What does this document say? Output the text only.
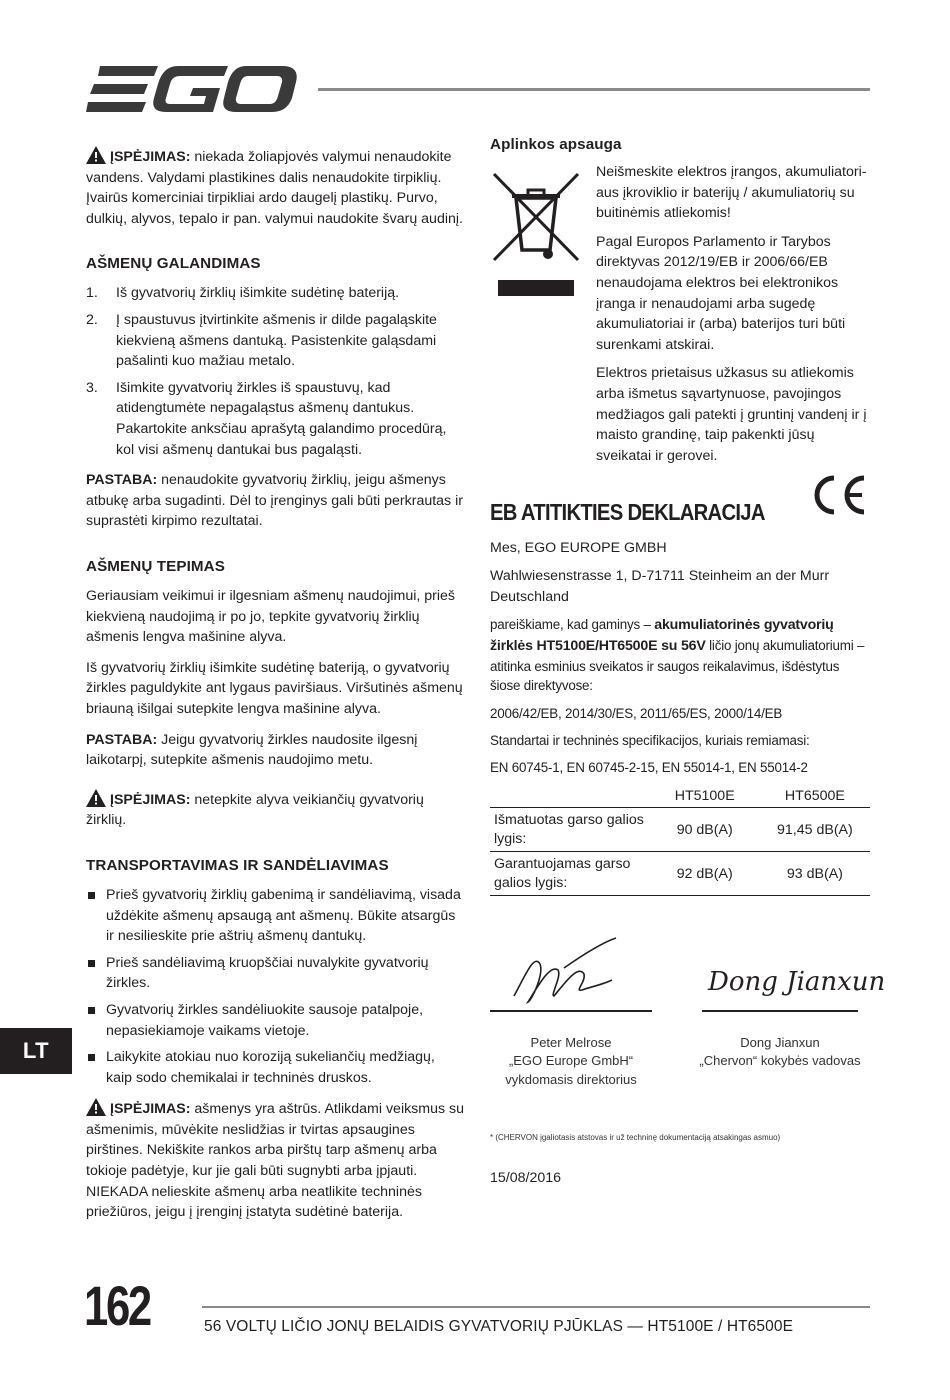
ĮSPĖJIMAS: niekada žoliapjovės valymui nenaudokite vandens. Valydami plastikines dalis nenaudokite tirpiklių. Įvairūs komerciniai tirpikliai ardo daugelį plastikų. Purvo, dulkių, alyvos, tepalo ir pan. valymui naudokite švarų audinį.

AŠMENŲ GALANDIMAS
1. Iš gyvatvorių žirklių išimkite sudėtinę bateriją.
2. Į spaustuvus įtvirtinkite ašmenis ir dilde pagaląskite kiekvieną ašmens dantuką. Pasistenkite galąsdami pašalinti kuo mažiau metalo.
3. Išimkite gyvatvorių žirkles iš spaustuvų, kad atidengtumėte nepagaląstus ašmenų dantukus. Pakartokite anksčiau aprašytą galandimo procedūrą, kol visi ašmenų dantukai bus pagaląsti.

PASTABA: nenaudokite gyvatvorių žirklių, jeigu ašmenys atbukę arba sugadinti. Dėl to įrenginys gali būti perkrautas ir suprastėti kirpimo rezultatai.

AŠMENŲ TEPIMAS

Geriausiam veikimui ir ilgesniam ašmenų naudojimui, prieš kiekvieną naudojimą ir po jo, tepkite gyvatvorių žirklių ašmenis lengva mašinine alyva.

Iš gyvatvorių žirklių išimkite sudėtinę bateriją, o gyvatvorių žirkles paguldykite ant lygaus paviršiaus. Viršutinės ašmenų briauną išilgai sutepkite lengva mašinine alyva.

PASTABA: Jeigu gyvatvorių žirkles naudosite ilgesnį laikotarpį, sutepkite ašmenis naudojimo metu.

ĮSPĖJIMAS: netepkite alyva veikiančių gyvatvorių žirklių.

TRANSPORTAVIMAS IR SANDĖLIAVIMAS
Prieš gyvatvorių žirklių gabenimą ir sandėliavimą, visada uždėkite ašmenų apsaugą ant ašmenų. Būkite atsargūs ir nesilieskite prie aštrių ašmenų dantukų.
Prieš sandėliavimą kruopščiai nuvalykite gyvatvorių žirkles.
Gyvatvorių žirkles sandėliuokite sausoje patalpoje, nepasiekiamoje vaikams vietoje.
Laikykite atokiau nuo koroziją sukeliančių medžiagų, kaip sodo chemikalai ir techninės druskos.

ĮSPĖJIMAS: ašmenys yra aštrūs. Atlikdami veiksmus su ašmenimis, mūvėkite neslidžias ir tvirtas apsaugines pirštines. Nekiškite rankos arba pirštų tarp ašmenų arba tokioje padėtyje, kur jie gali būti sugnybti arba įpjauti. NIEKADA nelieskite ašmenų arba neatlikite techninės priežiūros, jeigu į įrenginį įstatyta sudėtinė baterija.

Aplinkos apsauga

Neišmeskite elektros įrangos, akumuliatori-aus įkroviklio ir baterijų / akumuliatorių su buitinėmis atliekomis!

Pagal Europos Parlamento ir Tarybos direktyvas 2012/19/EB ir 2006/66/EB nenaudojama elektros bei elektronikos įranga ir nenaudojami arba sugedę akumuliatoriai ir (arba) baterijos turi būti surenkami atskirai.

Elektros prietaisus užkasus su atliekomis arba išmetus sąvartynuose, pavojingos medžiagos gali patekti į gruntinį vandenį ir į maisto grandinę, taip pakenkti jūsų sveikatai ir gerovei.

EB ATITIKTIES DEKLARACIJA

Mes, EGO EUROPE GMBH

Wahlwiesenstrasse 1, D-71711 Steinheim an der Murr Deutschland

pareiškiame, kad gaminys – akumuliatorinės gyvatvorių žirklės HT5100E/HT6500E su 56V ličio jonų akumuliatoriumi – atitinka esminius sveikatos ir saugos reikalavimus, išdėstytus šiose direktyvose:

2006/42/EB, 2014/30/ES, 2011/65/ES, 2000/14/EB

Standartai ir techninės specifikacijos, kuriais remiamasi:

EN 60745-1, EN 60745-2-15, EN 55014-1, EN 55014-2

	HT5100E	HT6500E
Išmatuotas garso galios lygis:	90 dB(A)	91,45 dB(A)
Garantuojamas garso galios lygis:	92 dB(A)	93 dB(A)
Dong Jianxun
Peter Melrose
„EGO Europe GmbH“
vykdomasis direktorius
Dong Jianxun
„Chervon“ kokybės vadovas

* (CHERVON įgaliotasis atstovas ir už techninę dokumentaciją atsakingas asmuo)

15/08/2016

LT
162	56 VOLTŲ LIČIO JONŲ BELAIDIS GYVATVORIŲ PJŪKLAS — HT5100E / HT6500E
